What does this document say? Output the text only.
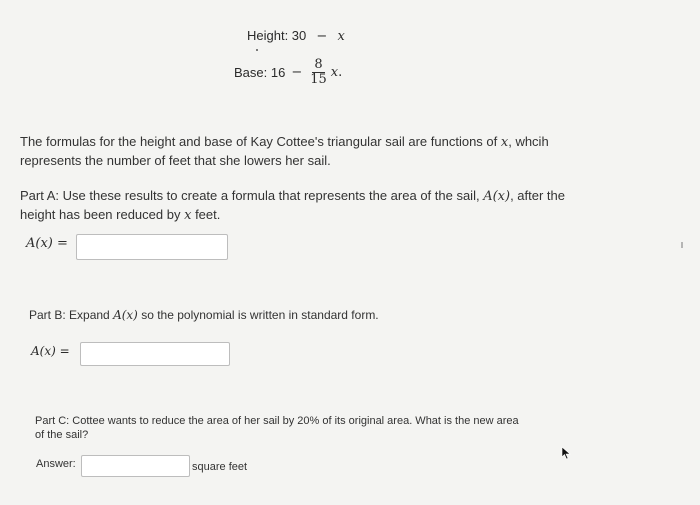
Height: 30 − x
Base: $16 - \frac{8}{15}$ x .
The formulas for the height and base of Kay Cottee's triangular sail are functions of x, whcih
represents the number of feet that she lowers her sail.
Part A: Use these results to create a formula that represents the area of the sail, A(x), after the
height has been reduced by x feet.
A(x) =
Part B: Expand A(x) so the polynomial is written in standard form.
A(x) =
Part C: Cottee wants to reduce the area of her sail by 20% of its original area. What is the new area
of the sail?
Answer:	square feet
